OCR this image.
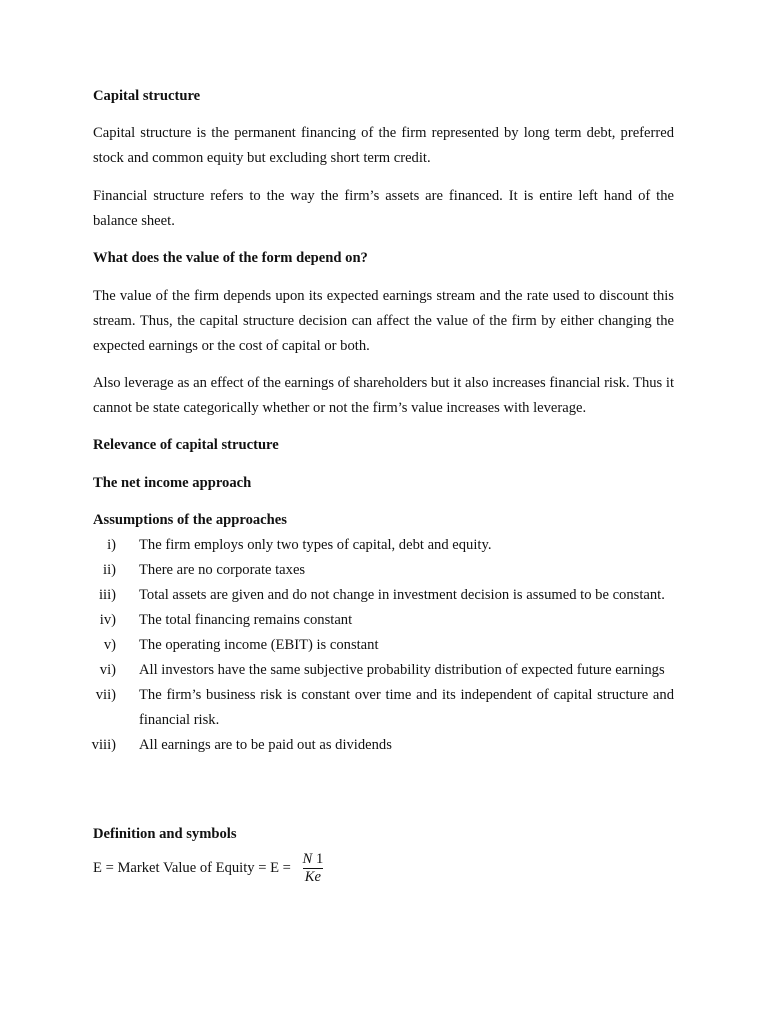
Capital structure

Capital structure is the permanent financing of the firm represented by long term debt, preferred stock and common equity but excluding short term credit.

Financial structure refers to the way the firm’s assets are financed. It is entire left hand of the balance sheet.

What does the value of the form depend on?

The value of the firm depends upon its expected earnings stream and the rate used to discount this stream. Thus, the capital structure decision can affect the value of the firm by either changing the expected earnings or the cost of capital or both.

Also leverage as an effect of the earnings of shareholders but it also increases financial risk. Thus it cannot be state categorically whether or not the firm’s value increases with leverage.

Relevance of capital structure

The net income approach

Assumptions of the approaches

i) The firm employs only two types of capital, debt and equity.
ii) There are no corporate taxes
iii) Total assets are given and do not change in investment decision is assumed to be constant.
iv) The total financing remains constant
v) The operating income (EBIT) is constant
vi) All investors have the same subjective probability distribution of expected future earnings
vii) The firm’s business risk is constant over time and its independent of capital structure and financial risk.
viii) All earnings are to be paid out as dividends

Definition and symbols

E = Market Value of Equity = $E = \frac{N 1}{Ke}$
